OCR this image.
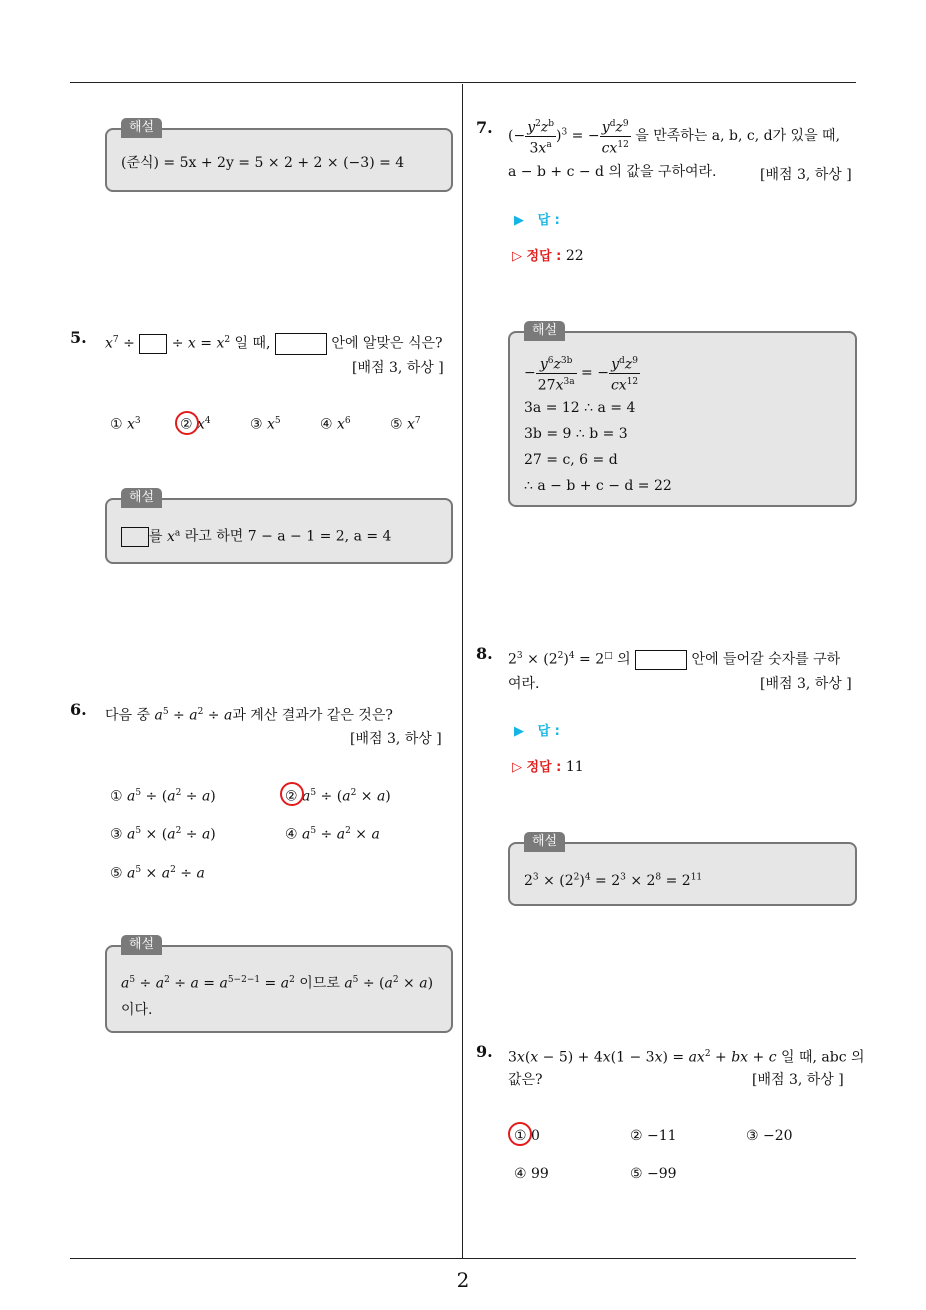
해설
(준식) = 5x + 2y = 5 × 2 + 2 × (−3) = 4
5. $x^7$ ÷  ÷ $x = x^2$ 일 때,	안에 알맞은 식은?
[배점 3, 하상 ]
① $x^3$	② $x^4$	③ $x^5$	④ $x^6$	⑤ $x^7$
해설
를 $x^a$ 라고 하면 7 − a − 1 = 2, a = 4
6. 다음 중 $a^5 \div a^2 \div a$과 계산 결과가 같은 것은?
[배점 3, 하상 ]
① $a^5 \div (a^2 \div a)$	② $a^5 \div (a^2 \times a)$
③ $a^5 \times (a^2 \div a)$	④ $a^5 \div a^2 \times a$
⑤ $a^5 \times a^2 \div a$
해설
$a^5 \div a^2 \div a = a^{5-2-1} = a^2$ 이므로 $a^5 \div (a^2 \times a)$
이다.
7. (− $\frac{y^2z^b}{3x^a} )^3$ = − $\frac{y^dz^9}{cx^{12}}$ 을 만족하는 a, b, c, d가 있을 때,
a − b + c − d 의 값을 구하여라.	[배점 3, 하상 ]
▶   답 :
▷ 정답 : 22
해설
− $\frac{y^6z^{3b}}{27x^{3a}}$ = − $\frac{y^dz^9}{cx^{12}}$
3a = 12 ∴ a = 4
3b = 9 ∴ b = 3
27 = c, 6 = d
∴ a − b + c − d = 22
8. $2^3 \times (2^2)^4 = 2^□$ 의	안에 들어갈 숫자를 구하
여라.	[배점 3, 하상 ]
▶   답 :
▷ 정답 : 11
해설
$2^3 \times (2^2)^4 = 2^3 \times 2^8 = 2^{11}$
9. $3x(x - 5) + 4x(1 - 3x) = ax^2$ + bx + c 일 때, abc 의
값은?	[배점 3, 하상 ]
① 0	② −11	③ −20
④ 99	⑤ −99
2
